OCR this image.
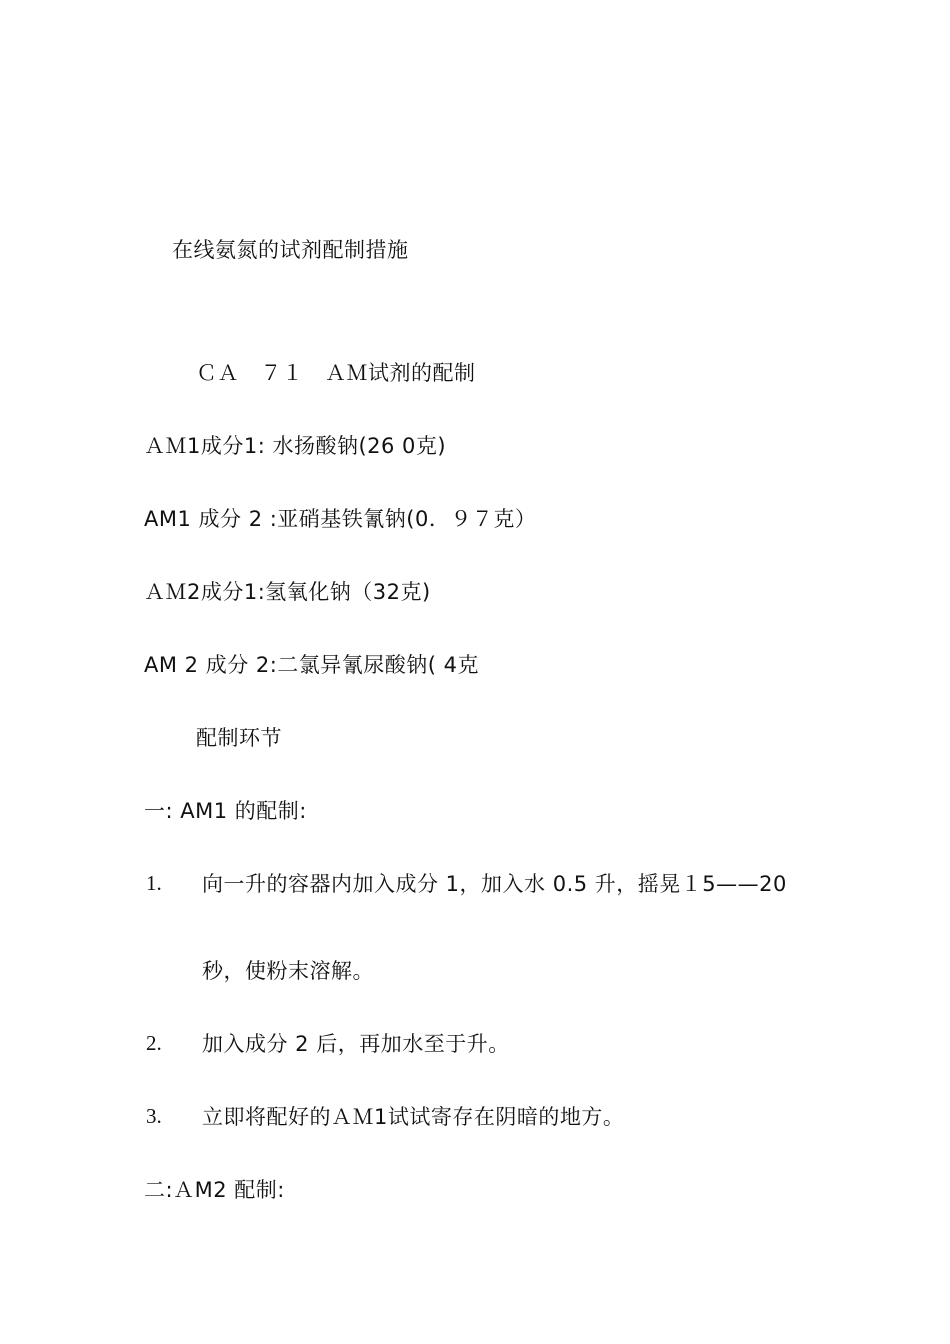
在线氨氮的试剂配制措施
ＣＡ　７１　ＡＭ试剂的配制
ＡＭ1成分1: 水扬酸钠(26 0克)
AM1 成分 2 :亚硝基铁氰钠(0．９７克）
ＡＭ2成分1:氢氧化钠（32克)
AM 2 成分 2:二氯异氰尿酸钠( 4克
配制环节
一: AM1 的配制:
1. 向一升的容器内加入成分 1，加入水 0.5 升，摇晃１5——20
秒，使粉末溶解。
2. 加入成分 2 后，再加水至于升。
3. 立即将配好的ＡＭ1试试寄存在阴暗的地方。
二:ＡM2 配制:
